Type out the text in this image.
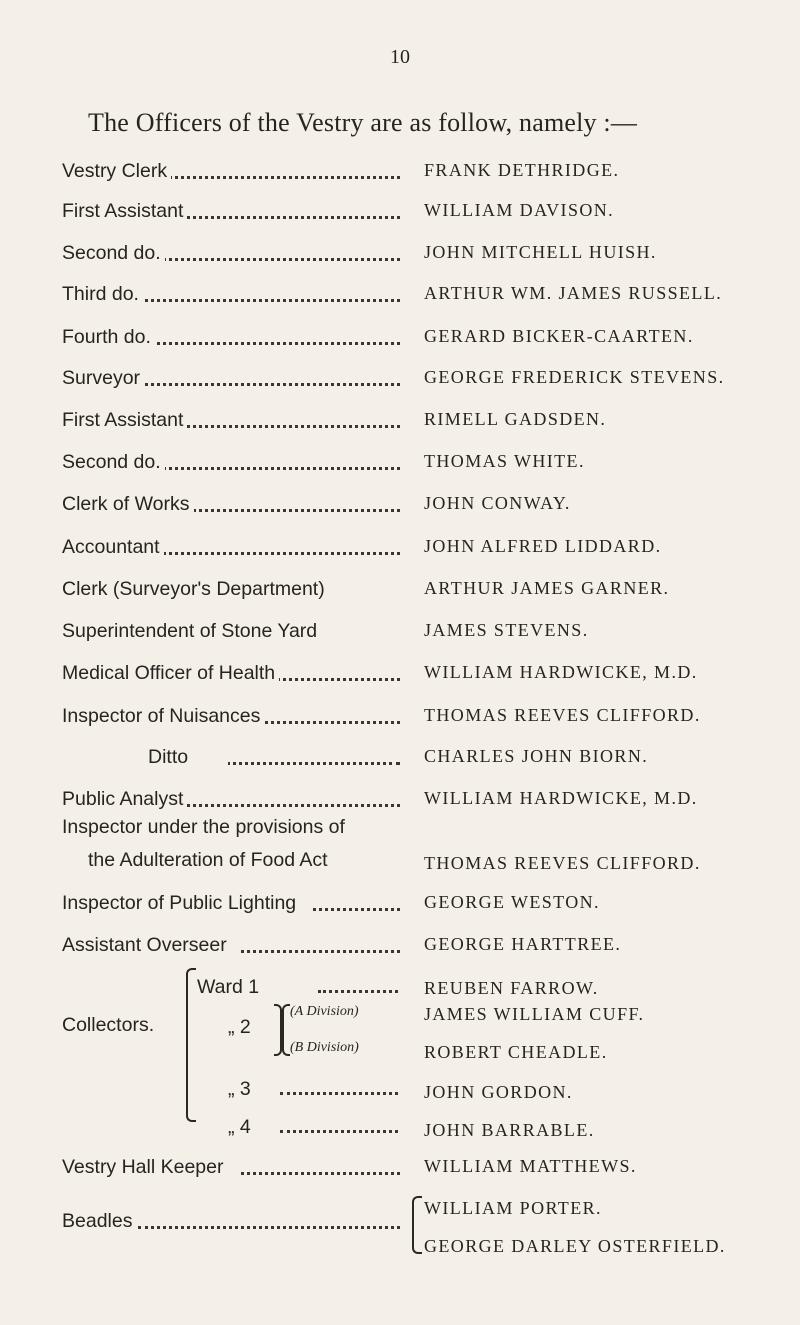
10
The Officers of the Vestry are as follow, namely :—
Vestry Clerk	FRANK DETHRIDGE.
First Assistant	WILLIAM DAVISON.
Second do.	JOHN MITCHELL HUISH.
Third do.	ARTHUR WM. JAMES RUSSELL.
Fourth do.	GERARD BICKER-CAARTEN.
Surveyor	GEORGE FREDERICK STEVENS.
First Assistant	RIMELL GADSDEN.
Second do.	THOMAS WHITE.
Clerk of Works	JOHN CONWAY.
Accountant	JOHN ALFRED LIDDARD.
Clerk (Surveyor's Department)	ARTHUR JAMES GARNER.
Superintendent of Stone Yard	JAMES STEVENS.
Medical Officer of Health	WILLIAM HARDWICKE, M.D.
Inspector of Nuisances	THOMAS REEVES CLIFFORD.
Ditto	CHARLES JOHN BIORN.
Public Analyst	WILLIAM HARDWICKE, M.D.
Inspector under the provisions of
the Adulteration of Food Act	THOMAS REEVES CLIFFORD.
Inspector of Public Lighting	GEORGE WESTON.
Assistant Overseer	GEORGE HARTTREE.
Collectors.
Ward 1	REUBEN FARROW.
„ 2
(A Division)	JAMES WILLIAM CUFF.
(B Division)	ROBERT CHEADLE.
„ 3	JOHN GORDON.
„ 4	JOHN BARRABLE.
Vestry Hall Keeper	WILLIAM MATTHEWS.
Beadles
WILLIAM PORTER.
GEORGE DARLEY OSTERFIELD.
